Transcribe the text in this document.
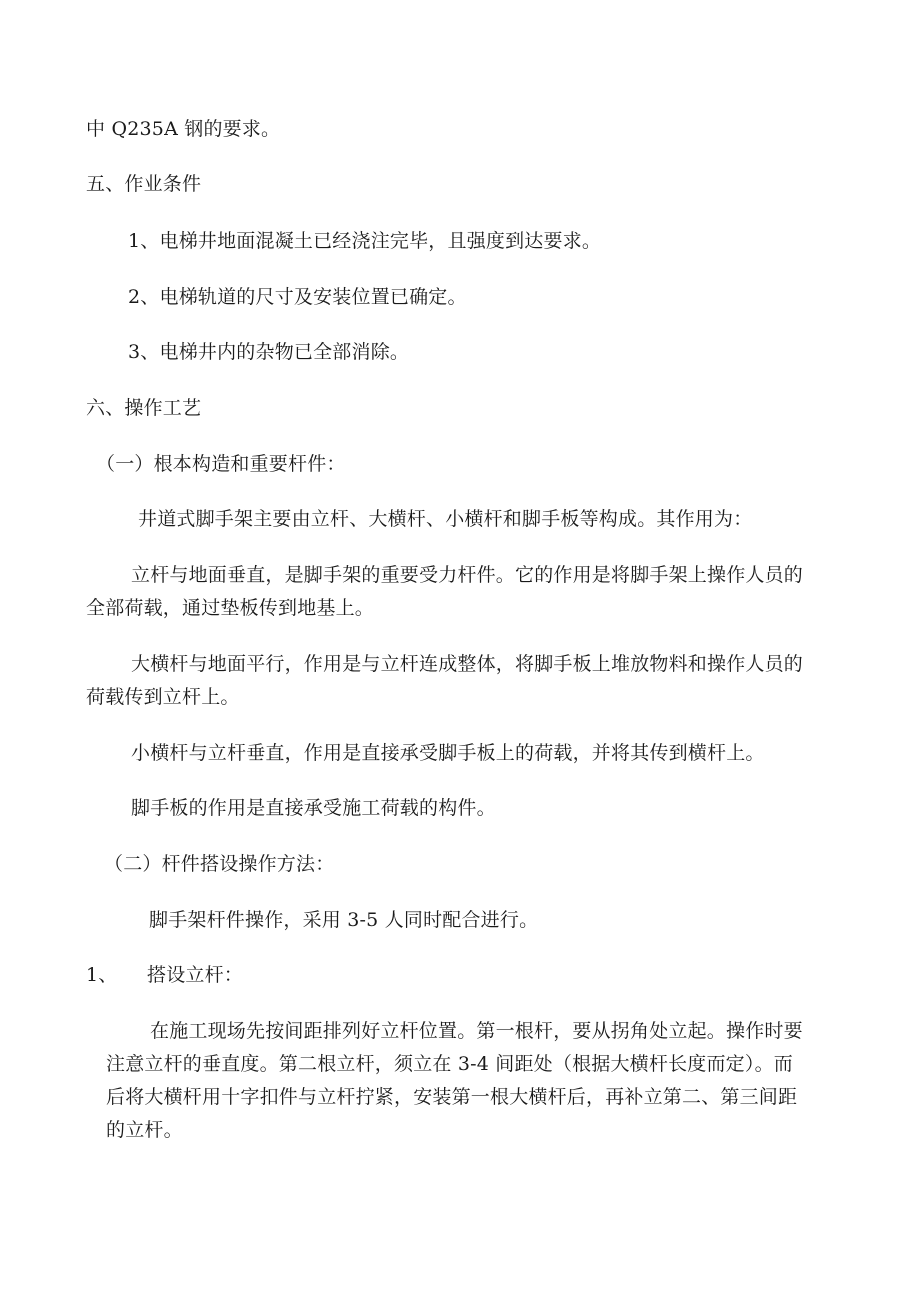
中 Q235A 钢的要求。
五、作业条件
1、电梯井地面混凝土已经浇注完毕，且强度到达要求。
2、电梯轨道的尺寸及安装位置已确定。
3、电梯井内的杂物已全部消除。
六、操作工艺
（一）根本构造和重要杆件：
井道式脚手架主要由立杆、大横杆、小横杆和脚手板等构成。其作用为：
立杆与地面垂直，是脚手架的重要受力杆件。它的作用是将脚手架上操作人员的
全部荷载，通过垫板传到地基上。
大横杆与地面平行，作用是与立杆连成整体，将脚手板上堆放物料和操作人员的
荷载传到立杆上。
小横杆与立杆垂直，作用是直接承受脚手板上的荷载，并将其传到横杆上。
脚手板的作用是直接承受施工荷载的构件。
（二）杆件搭设操作方法：
脚手架杆件操作，采用 3-5 人同时配合进行。
1、 搭设立杆：
在施工现场先按间距排列好立杆位置。第一根杆，要从拐角处立起。操作时要
注意立杆的垂直度。第二根立杆，须立在 3-4 间距处（根据大横杆长度而定）。而
后将大横杆用十字扣件与立杆拧紧，安装第一根大横杆后，再补立第二、第三间距
的立杆。
